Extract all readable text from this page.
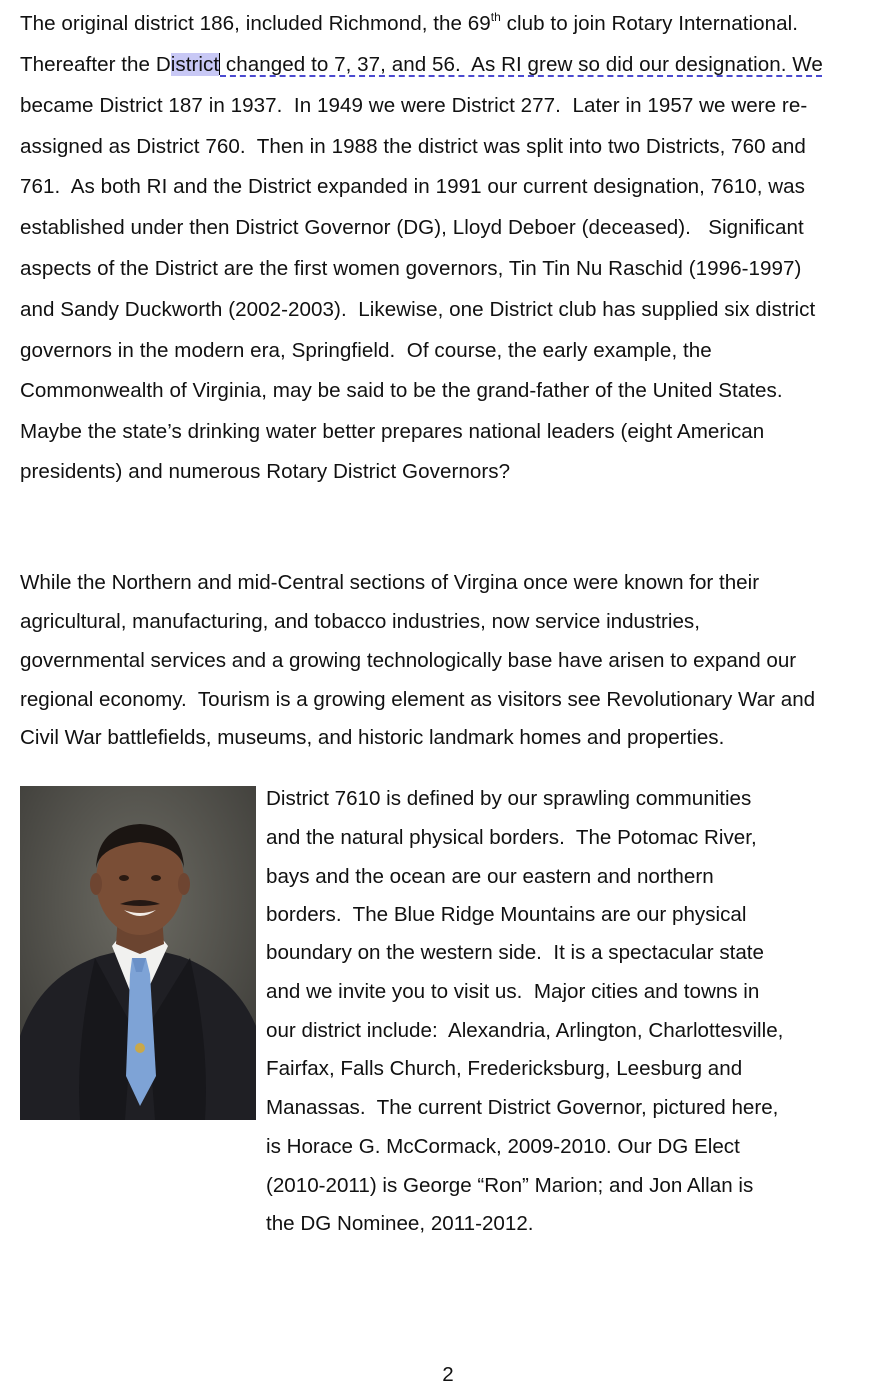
The original district 186, included Richmond, the 69th club to join Rotary International.
Thereafter the District changed to 7, 37, and 56.  As RI grew so did our designation. We
became District 187 in 1937.  In 1949 we were District 277.  Later in 1957 we were re-
assigned as District 760.  Then in 1988 the district was split into two Districts, 760 and
761.  As both RI and the District expanded in 1991 our current designation, 7610, was
established under then District Governor (DG), Lloyd Deboer (deceased).   Significant
aspects of the District are the first women governors, Tin Tin Nu Raschid (1996-1997)
and Sandy Duckworth (2002-2003).  Likewise, one District club has supplied six district
governors in the modern era, Springfield.  Of course, the early example, the
Commonwealth of Virginia, may be said to be the grand-father of the United States.
Maybe the state’s drinking water better prepares national leaders (eight American
presidents) and numerous Rotary District Governors?
While the Northern and mid-Central sections of Virgina once were known for their
agricultural, manufacturing, and tobacco industries, now service industries,
governmental services and a growing technologically base have arisen to expand our
regional economy.  Tourism is a growing element as visitors see Revolutionary War and
Civil War battlefields, museums, and historic landmark homes and properties.
District 7610 is defined by our sprawling communities
and the natural physical borders.  The Potomac River,
bays and the ocean are our eastern and northern
borders.  The Blue Ridge Mountains are our physical
boundary on the western side.  It is a spectacular state
and we invite you to visit us.  Major cities and towns in
our district include:  Alexandria, Arlington, Charlottesville,
Fairfax, Falls Church, Fredericksburg, Leesburg and
Manassas.  The current District Governor, pictured here,
is Horace G. McCormack, 2009-2010. Our DG Elect
(2010-2011) is George “Ron” Marion; and Jon Allan is
the DG Nominee, 2011-2012.
2
